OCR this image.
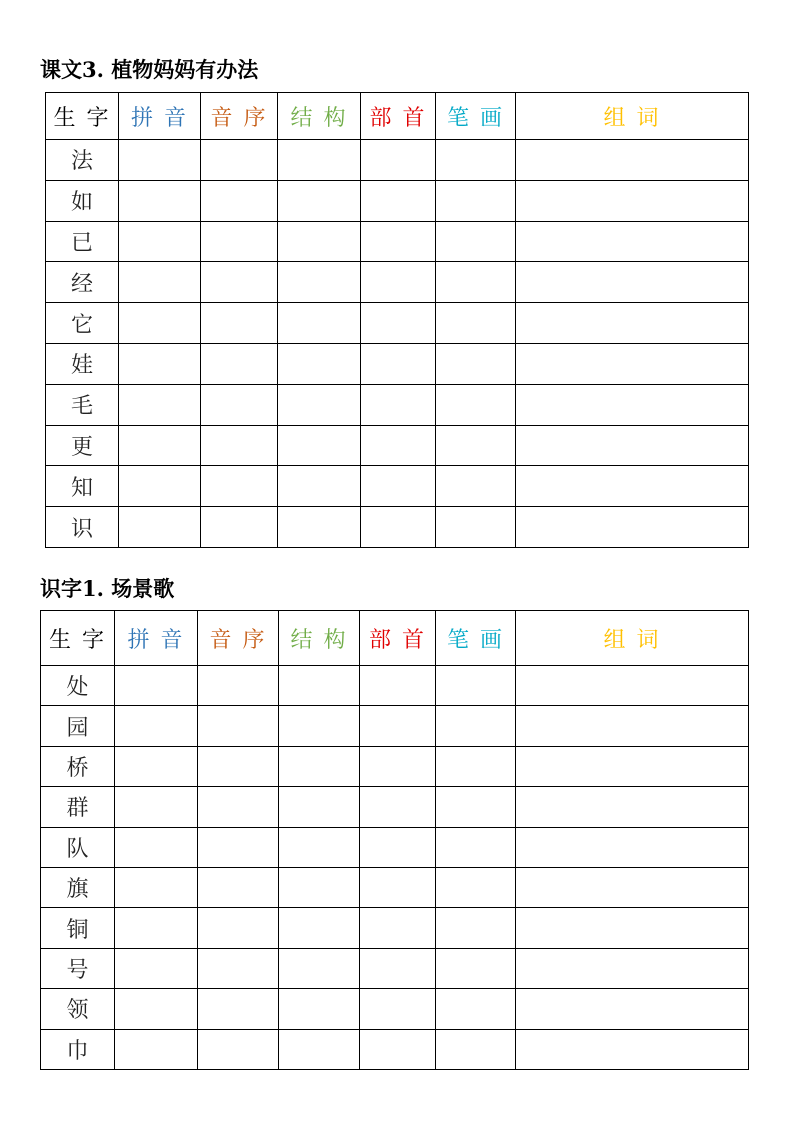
课文3. 植物妈妈有办法
生 字	拼 音	音 序	结 构	部 首	笔 画	组 词
法						
如						
已						
经						
它						
娃						
毛						
更						
知						
识						
识字1. 场景歌
生 字	拼 音	音 序	结 构	部 首	笔 画	组 词
处						
园						
桥						
群						
队						
旗						
铜						
号						
领						
巾						
